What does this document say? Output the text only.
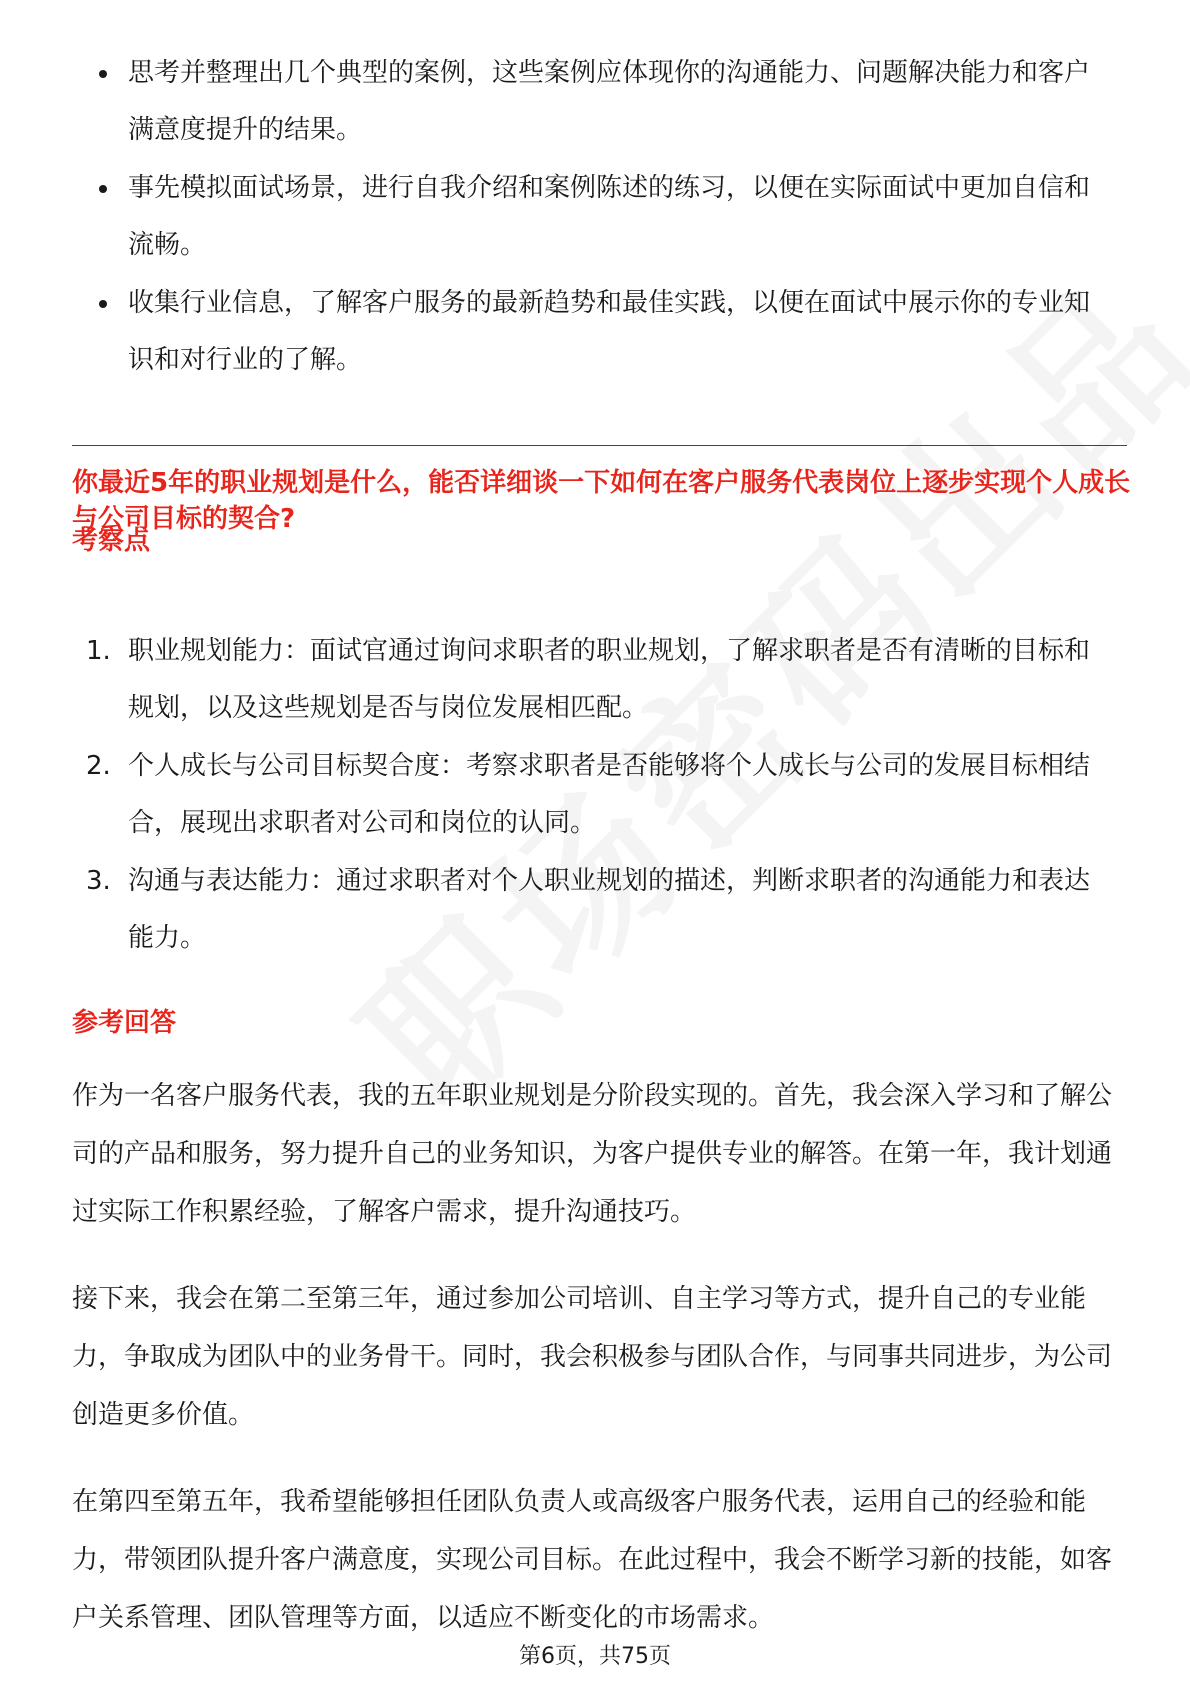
思考并整理出几个典型的案例，这些案例应体现你的沟通能力、问题解决能力和客户满意度提升的结果。
事先模拟面试场景，进行自我介绍和案例陈述的练习，以便在实际面试中更加自信和流畅。
收集行业信息，了解客户服务的最新趋势和最佳实践，以便在面试中展示你的专业知识和对行业的了解。
你最近5年的职业规划是什么，能否详细谈一下如何在客户服务代表岗位上逐步实现个人成长与公司目标的契合?
考察点
1. 职业规划能力：面试官通过询问求职者的职业规划，了解求职者是否有清晰的目标和规划，以及这些规划是否与岗位发展相匹配。
2. 个人成长与公司目标契合度：考察求职者是否能够将个人成长与公司的发展目标相结合，展现出求职者对公司和岗位的认同。
3. 沟通与表达能力：通过求职者对个人职业规划的描述，判断求职者的沟通能力和表达能力。
参考回答
作为一名客户服务代表，我的五年职业规划是分阶段实现的。首先，我会深入学习和了解公司的产品和服务，努力提升自己的业务知识，为客户提供专业的解答。在第一年，我计划通过实际工作积累经验，了解客户需求，提升沟通技巧。
接下来，我会在第二至第三年，通过参加公司培训、自主学习等方式，提升自己的专业能力，争取成为团队中的业务骨干。同时，我会积极参与团队合作，与同事共同进步，为公司创造更多价值。
在第四至第五年，我希望能够担任团队负责人或高级客户服务代表，运用自己的经验和能力，带领团队提升客户满意度，实现公司目标。在此过程中，我会不断学习新的技能，如客户关系管理、团队管理等方面，以适应不断变化的市场需求。
第6页，共75页
